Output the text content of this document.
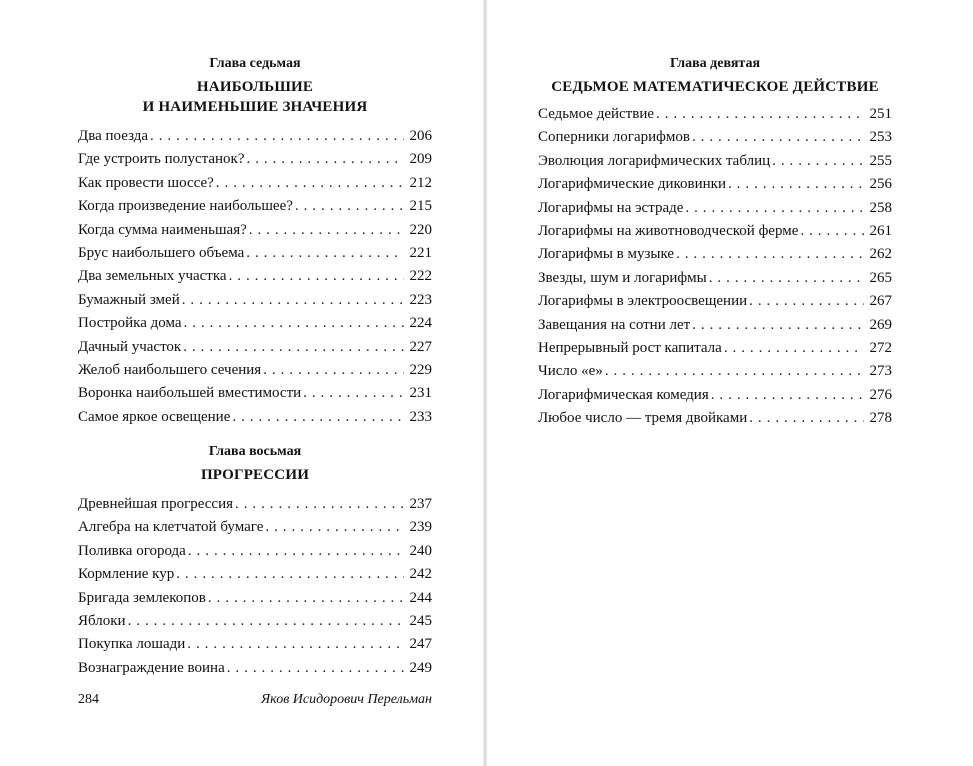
Глава седьмая
НАИБОЛЬШИЕ
И НАИМЕНЬШИЕ ЗНАЧЕНИЯ
Два поезда . . .	206
Где устроить полустанок? . . .	209
Как провести шоссе? . . .	212
Когда произведение наибольшее? . . .	215
Когда сумма наименьшая? . . .	220
Брус наибольшего объема . . .	221
Два земельных участка . . .	222
Бумажный змей . . .	223
Постройка дома . . .	224
Дачный участок . . .	227
Желоб наибольшего сечения . . .	229
Воронка наибольшей вместимости . . .	231
Самое яркое освещение . . .	233
Глава восьмая
ПРОГРЕССИИ
Древнейшая прогрессия . . .	237
Алгебра на клетчатой бумаге . . .	239
Поливка огорода . . .	240
Кормление кур . . .	242
Бригада землекопов . . .	244
Яблоки . . .	245
Покупка лошади . . .	247
Вознаграждение воина . . .	249
284	Яков Исидорович Перельман
Глава девятая
СЕДЬМОЕ МАТЕМАТИЧЕСКОЕ ДЕЙСТВИЕ
Седьмое действие . . .	251
Соперники логарифмов . . .	253
Эволюция логарифмических таблиц . . .	255
Логарифмические диковинки . . .	256
Логарифмы на эстраде . . .	258
Логарифмы на животноводческой ферме . . .	261
Логарифмы в музыке . . .	262
Звезды, шум и логарифмы . . .	265
Логарифмы в электроосвещении . . .	267
Завещания на сотни лет . . .	269
Непрерывный рост капитала . . .	272
Число «e» . . .	273
Логарифмическая комедия . . .	276
Любое число — тремя двойками . . .	278
